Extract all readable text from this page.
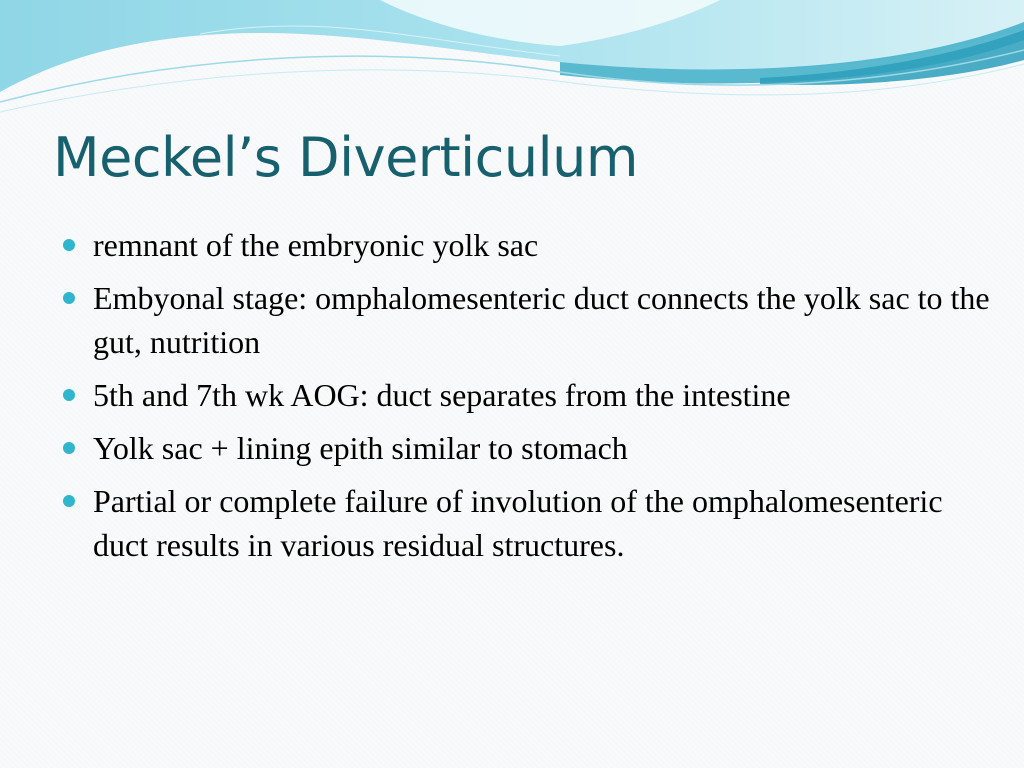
Meckel’s Diverticulum
remnant of the embryonic yolk sac
Embyonal stage: omphalomesenteric duct connects the yolk sac to the gut, nutrition
5th and 7th wk AOG: duct separates from the intestine
Yolk sac + lining epith similar to stomach
Partial or complete failure of involution of the omphalomesenteric duct results in various residual structures.
